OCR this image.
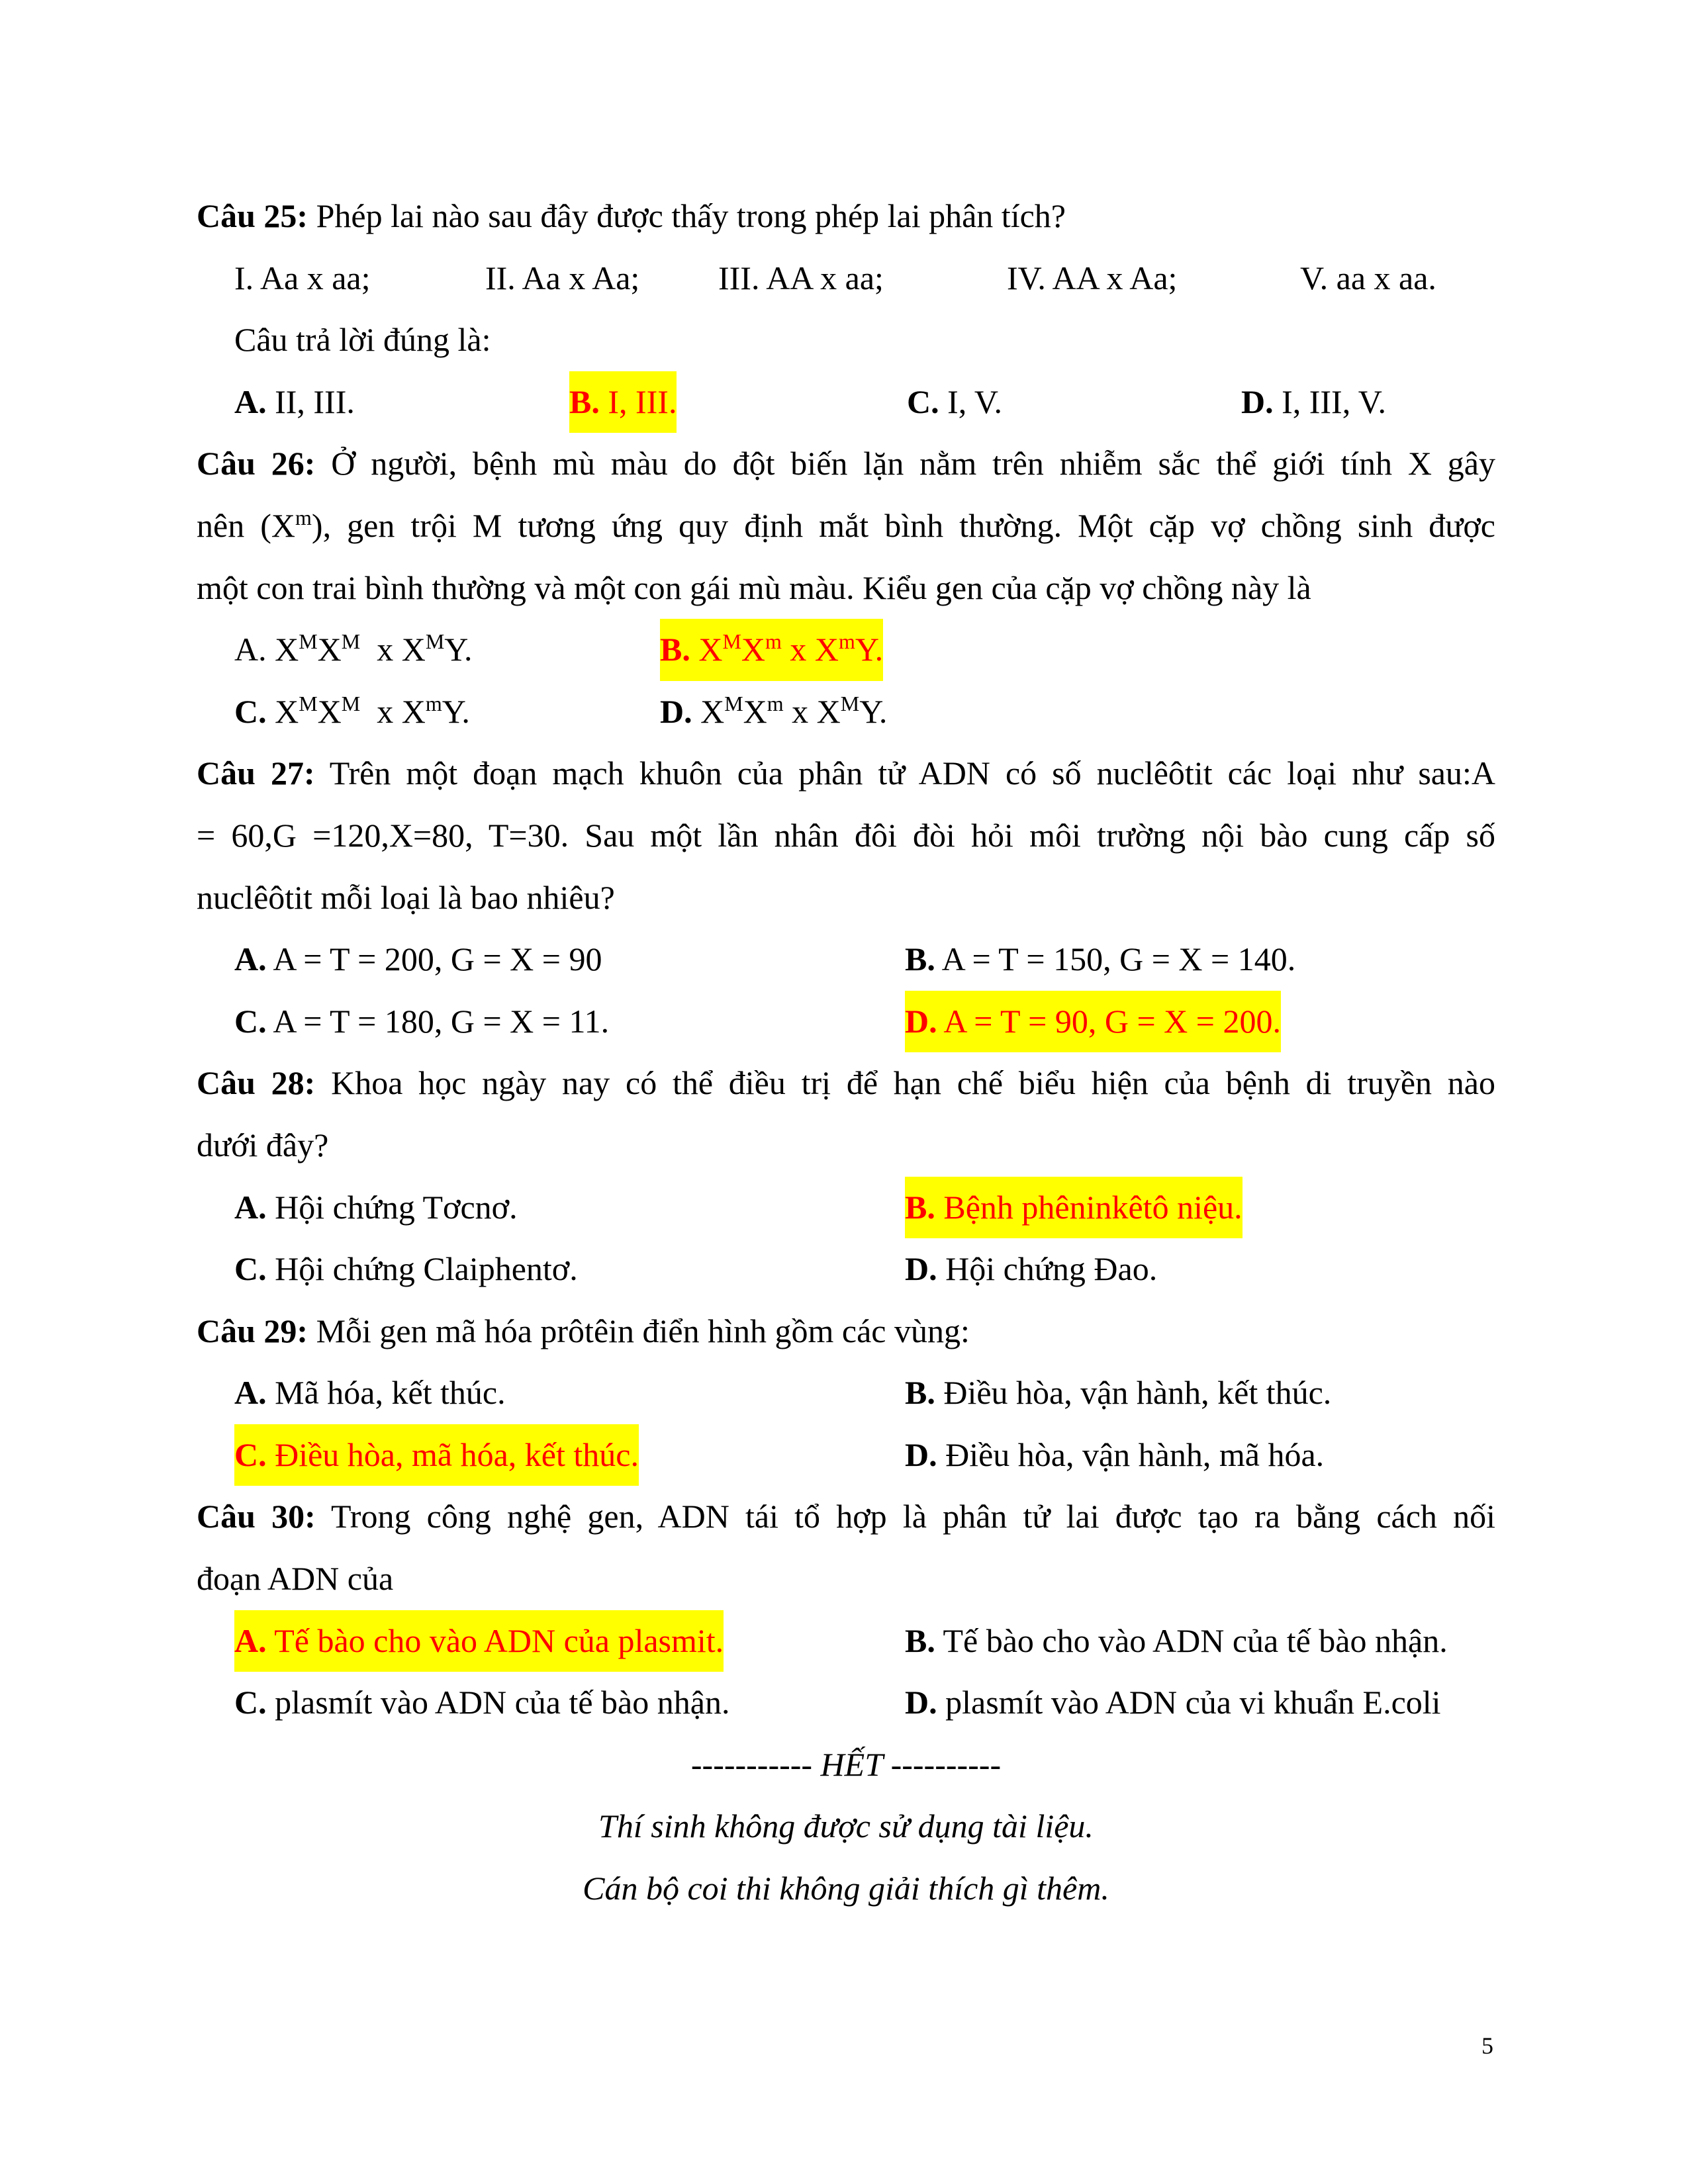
Câu 25: Phép lai nào sau đây được thấy trong phép lai phân tích?
I. Aa x aa;	II. Aa x Aa; III. AA x aa;	IV. AA x Aa;	V. aa x aa.
Câu trả lời đúng là:
A. II, III.	B. I, III.	C. I, V.	D. I, III, V.
Câu 26: Ở người, bệnh mù màu do đột biến lặn nằm trên nhiễm sắc thể giới tính X gây
nên $(X^m)$, gen trội M tương ứng quy định mắt bình thường. Một cặp vợ chồng sinh được
một con trai bình thường và một con gái mù màu. Kiểu gen của cặp vợ chồng này là
A. $X^MX^M$  x $X^MY$.	B. $X^MX^m$ x $X^mY$.
C. $X^MX^M$  x $X^mY$.	D. $X^MX^m$ x $X^MY$.
Câu 27: Trên một đoạn mạch khuôn của phân tử ADN có số nuclêôtit các loại như sau:A
= 60,G =120,X=80, T=30. Sau một lần nhân đôi đòi hỏi môi trường nội bào cung cấp số
nuclêôtit mỗi loại là bao nhiêu?
A. A = T = 200, G = X = 90	B. A = T = 150, G = X = 140.
C. A = T = 180, G = X = 11.	D. A = T = 90, G = X = 200.
Câu 28: Khoa học ngày nay có thể điều trị để hạn chế biểu hiện của bệnh di truyền nào
dưới đây?
A. Hội chứng Tơcnơ.	B. Bệnh phêninkêtô niệu.
C. Hội chứng Claiphentơ.	D. Hội chứng Đao.
Câu 29: Mỗi gen mã hóa prôtêin điển hình gồm các vùng:
A. Mã hóa, kết thúc.	B. Điều hòa, vận hành, kết thúc.
C. Điều hòa, mã hóa, kết thúc.	D. Điều hòa, vận hành, mã hóa.
Câu 30: Trong công nghệ gen, ADN tái tổ hợp là phân tử lai được tạo ra bằng cách nối
đoạn ADN của
A. Tế bào cho vào ADN của plasmit.	B. Tế bào cho vào ADN của tế bào nhận.
C. plasmít vào ADN của tế bào nhận.	D. plasmít vào ADN của vi khuẩn E.coli
----------- HẾT ----------
Thí sinh không được sử dụng tài liệu.
Cán bộ coi thi không giải thích gì thêm.
5
